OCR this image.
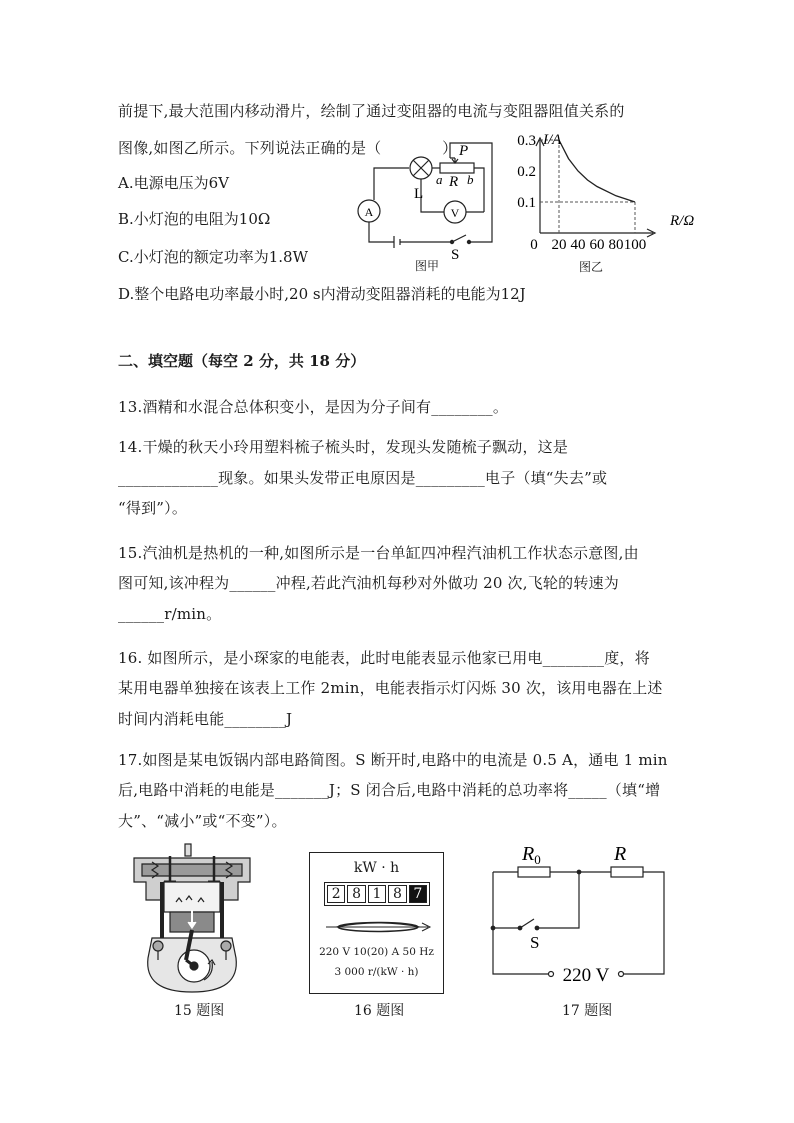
前提下,最大范围内移动滑片，绘制了通过变阻器的电流与变阻器阻值关系的
图像,如图乙所示。下列说法正确的是（　　　　）
A.电源电压为6V
B.小灯泡的电阻为10Ω
C.小灯泡的额定功率为1.8W
D.整个电路电功率最小时,20 s内滑动变阻器消耗的电能为12J
A	V
L
P
a R b
S
图甲
0.3
0.2
0.1
0 20 40 60 80 100
I/A
R/Ω
图乙
二、填空题（每空 2 分，共 18 分）
13.酒精和水混合总体积变小，是因为分子间有________。
14.干燥的秋天小玲用塑料梳子梳头时，发现头发随梳子飘动，这是
_____________现象。如果头发带正电原因是_________电子（填“失去”或
“得到”）。
15.汽油机是热机的一种,如图所示是一台单缸四冲程汽油机工作状态示意图,由
图可知,该冲程为______冲程,若此汽油机每秒对外做功 20 次,飞轮的转速为
______r/min。
16. 如图所示，是小琛家的电能表，此时电能表显示他家已用电________度，将
某用电器单独接在该表上工作 2min，电能表指示灯闪烁 30 次，该用电器在上述
时间内消耗电能________J
17.如图是某电饭锅内部电路简图。S 断开时,电路中的电流是 0.5 A，通电 1 min
后,电路中消耗的电能是_______J；S 闭合后,电路中消耗的总功率将_____（填“增
大”、“减小”或“不变”）。
15 题图
kW · h
2 8 1 8 7
220 V 10(20) A 50 Hz
3 000 r/(kW · h)
16 题图
$R_0$	R
S
220 V
17 题图
